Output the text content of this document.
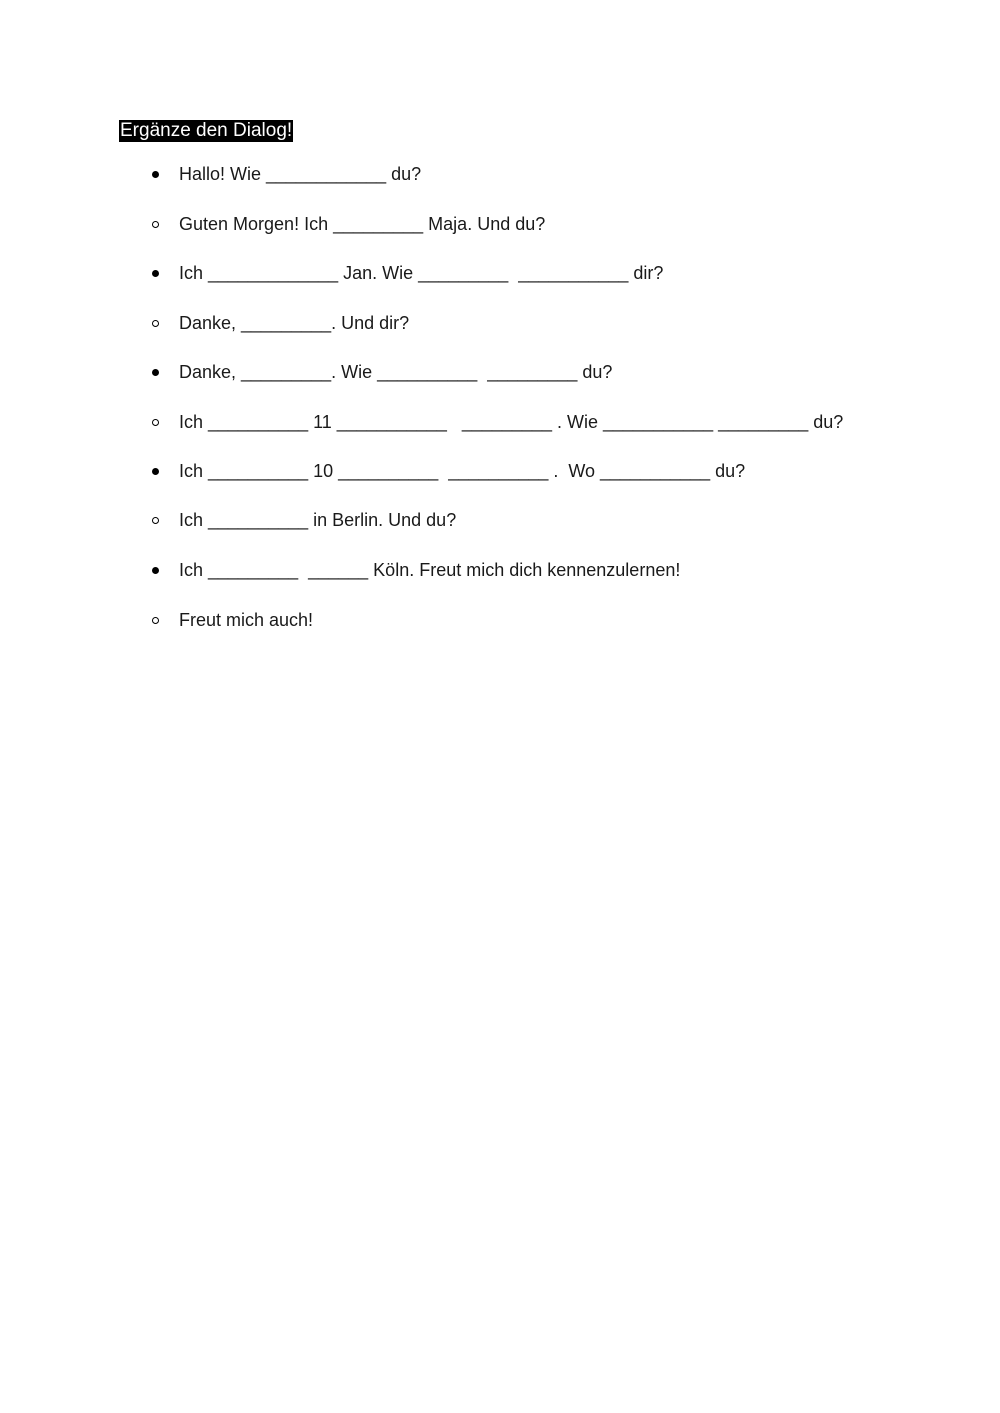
Ergänze den Dialog!
Hallo! Wie ____________ du?
Guten Morgen! Ich _________ Maja. Und du?
Ich _____________ Jan. Wie _________  ___________ dir?
Danke, _________. Und dir?
Danke, _________. Wie __________  _________ du?
Ich __________ 11 ___________   _________ . Wie ___________ _________ du?
Ich __________ 10 __________  __________ .  Wo ___________ du?
Ich __________ in Berlin. Und du?
Ich _________  ______ Köln. Freut mich dich kennenzulernen!
Freut mich auch!
